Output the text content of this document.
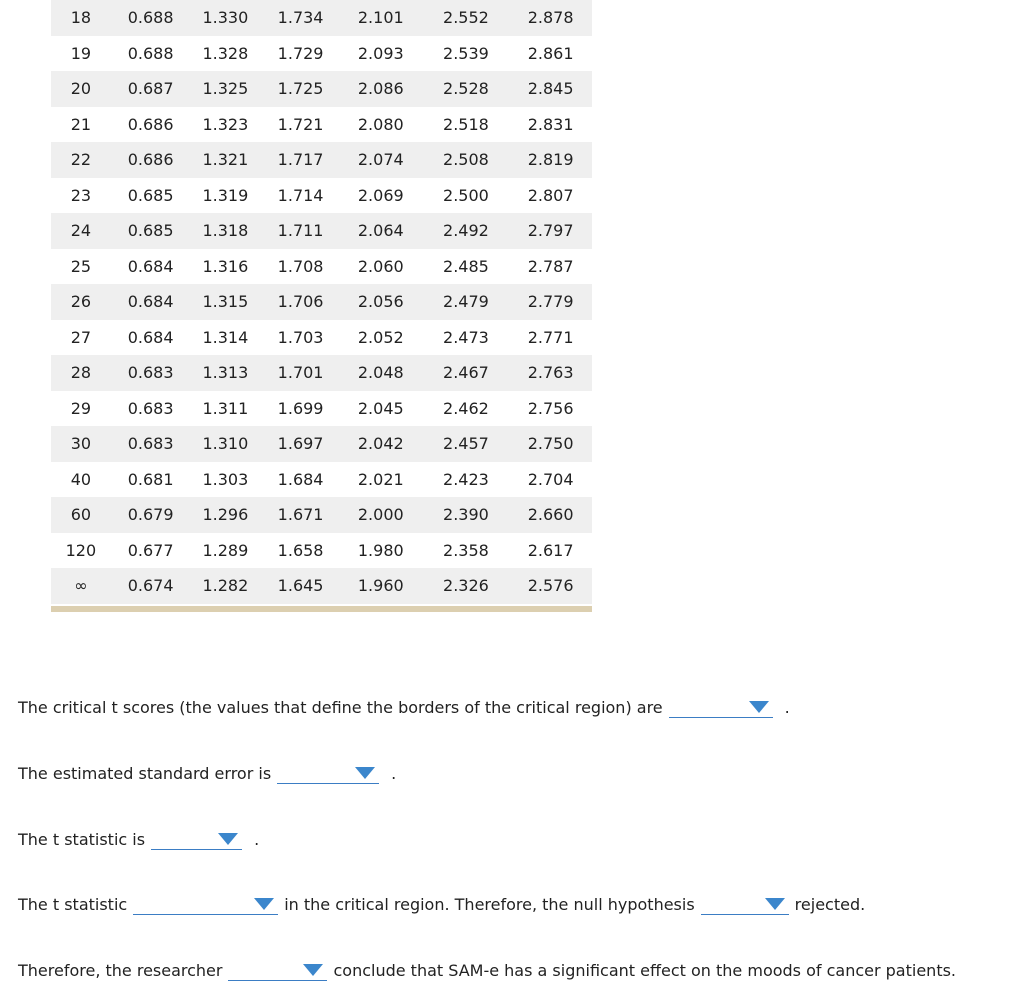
18	0.688	1.330	1.734	2.101	2.552	2.878
19	0.688	1.328	1.729	2.093	2.539	2.861
20	0.687	1.325	1.725	2.086	2.528	2.845
21	0.686	1.323	1.721	2.080	2.518	2.831
22	0.686	1.321	1.717	2.074	2.508	2.819
23	0.685	1.319	1.714	2.069	2.500	2.807
24	0.685	1.318	1.711	2.064	2.492	2.797
25	0.684	1.316	1.708	2.060	2.485	2.787
26	0.684	1.315	1.706	2.056	2.479	2.779
27	0.684	1.314	1.703	2.052	2.473	2.771
28	0.683	1.313	1.701	2.048	2.467	2.763
29	0.683	1.311	1.699	2.045	2.462	2.756
30	0.683	1.310	1.697	2.042	2.457	2.750
40	0.681	1.303	1.684	2.021	2.423	2.704
60	0.679	1.296	1.671	2.000	2.390	2.660
120	0.677	1.289	1.658	1.980	2.358	2.617
∞	0.674	1.282	1.645	1.960	2.326	2.576
The critical t scores (the values that define the borders of the critical region) are	.
The estimated standard error is	.
The t statistic is	.
The t statistic	in the critical region. Therefore, the null hypothesis	rejected.
Therefore, the researcher	conclude that SAM-e has a significant effect on the moods of cancer patients.
